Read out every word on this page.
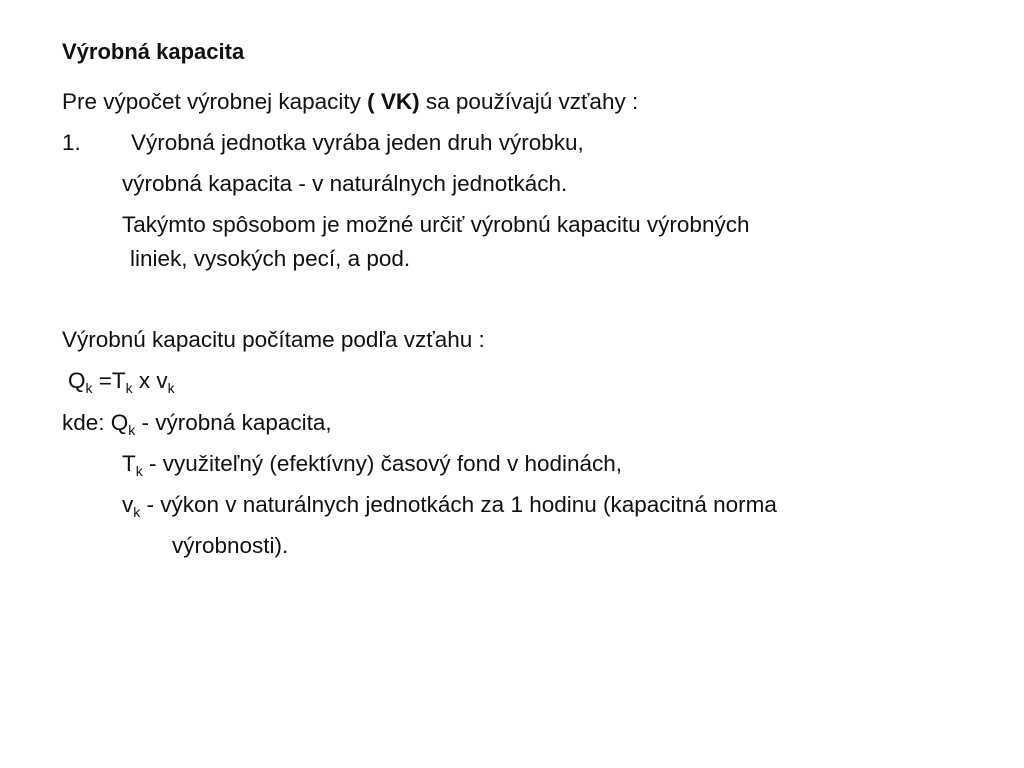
Výrobná kapacita
Pre výpočet výrobnej kapacity ( VK) sa používajú vzťahy :
1. Výrobná jednotka vyrába jeden druh výrobku,
výrobná kapacita - v naturálnych jednotkách.
Takýmto spôsobom je možné určiť výrobnú kapacitu výrobných
liniek, vysokých pecí, a pod.
Výrobnú kapacitu počítame podľa vzťahu :
$Q_k =T_k$ x $v_k$
kde: $Q_k$ - výrobná kapacita,
$T_k$ - využiteľný (efektívny) časový fond v hodinách,
$v_k$ - výkon v naturálnych jednotkách za 1 hodinu (kapacitná norma
výrobnosti).
